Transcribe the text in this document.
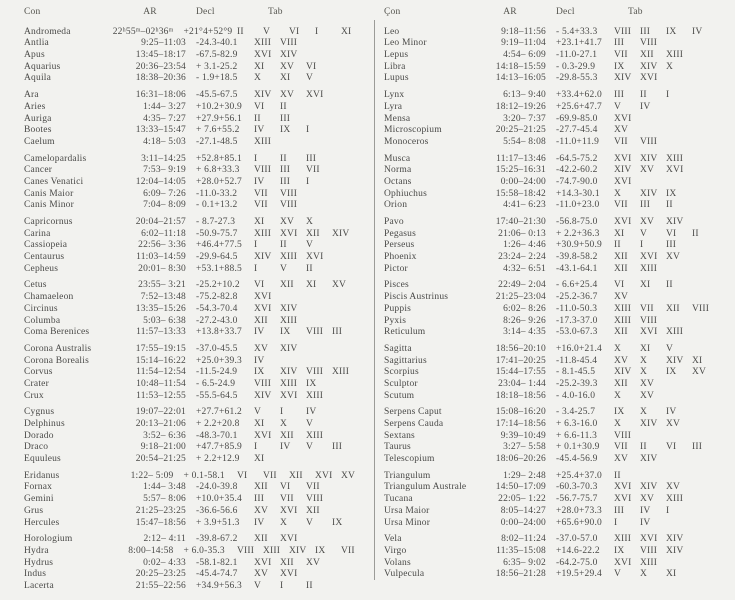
Con	AR	Decl	Tab
Andromeda	22ʰ55ᵐ–02ʰ36ᵐ	+21°4+52°9 II	V	VI	I	XI
Antlia	9:25–11:03	-24.3-40.1	XIII VIII
Apus	13:45–18:17	-67.5-82.9	XVI XIV
Aquarius	20:36–23:54	+ 3.1-25.2	XI	XV	VI
Aquila	18:38–20:36	- 1.9+18.5	X	XI	V
Ara	16:31–18:06	-45.5-67.5	XIV XV	XVI
Aries	1:44– 3:27	+10.2+30.9	VI	II
Auriga	4:35– 7:27	+27.9+56.1	II	III
Bootes	13:33–15:47	+ 7.6+55.2	IV	IX	I
Caelum	4:18– 5:03	-27.1-48.5	XIII
Camelopardalis	3:11–14:25	+52.8+85.1	I	II	III
Cancer	7:53– 9:19	+ 6.8+33.3	VIII III	VII
Canes Venatici	12:04–14:05	+28.0+52.7	IV	III	I
Canis Maior	6:09– 7:26	-11.0-33.2	VII	VIII
Canis Minor	7:04– 8:09	- 0.1+13.2	VII	VIII
Capricornus	20:04–21:57	- 8.7-27.3	XI	XV	X
Carina	6:02–11:18	-50.9-75.7	XIII XVI XII	XIV
Cassiopeia	22:56– 3:36	+46.4+77.5	I	II	V
Centaurus	11:03–14:59	-29.9-64.5	XIV XIII XVI
Cepheus	20:01– 8:30	+53.1+88.5	I	V	II
Cetus	23:55– 3:21	-25.2+10.2	VI	XII	XI	XV
Chamaeleon	7:52–13:48	-75.2-82.8	XVI
Circinus	13:35–15:26	-54.3-70.4	XVI XIV
Columba	5:03– 6:38	-27.2-43.0	XII	XIII
Coma Berenices	11:57–13:33	+13.8+33.7	IV	IX	VIII III
Corona Australis	17:55–19:15	-37.0-45.5	XV	XIV
Corona Borealis	15:14–16:22	+25.0+39.3	IV
Corvus	11:54–12:54	-11.5-24.9	IX	XIV VIII XIII
Crater	10:48–11:54	- 6.5-24.9	VIII XIII IX
Crux	11:53–12:55	-55.5-64.5	XIV XVI XIII
Cygnus	19:07–22:01	+27.7+61.2	V	I	IV
Delphinus	20:13–21:06	+ 2.2+20.8	XI	X	V
Dorado	3:52– 6:36	-48.3-70.1	XVI XII	XIII
Draco	9:18–21:00	+47.7+85.9	I	IV	V	III
Equuleus	20:54–21:25	+ 2.2+12.9	XI
Eridanus	1:22– 5:09	+ 0.1-58.1	VI	VII	XII	XVI XV
Fornax	1:44– 3:48	-24.0-39.8	XII	VI	VII
Gemini	5:57– 8:06	+10.0+35.4	III	VII	VIII
Grus	21:25–23:25	-36.6-56.6	XV	XVI XII
Hercules	15:47–18:56	+ 3.9+51.3	IV	X	V	IX
Horologium	2:12– 4:11	-39.8-67.2	XII	XVI
Hydra	8:00–14:58	+ 6.0-35.3	VIII XIII XIV IX	VII
Hydrus	0:02– 4:33	-58.1-82.1	XVI XII	XV
Indus	20:25–23:25	-45.4-74.7	XV	XVI
Lacerta	21:55–22:56	+34.9+56.3	V	I	II
Çon	AR	Decl	Tab
Leo	9:18–11:56	- 5.4+33.3	VIII III	IX	IV
Leo Minor	9:19–11:04	+23.1+41.7	III	VIII
Lepus	4:54– 6:09	-11.0-27.1	VII	XII	XIII
Libra	14:18–15:59	- 0.3-29.9	IX	XIV X
Lupus	14:13–16:05	-29.8-55.3	XIV XVI
Lynx	6:13– 9:40	+33.4+62.0	III	II	I
Lyra	18:12–19:26	+25.6+47.7	V	IV
Mensa	3:20– 7:37	-69.9-85.0	XVI
Microscopium	20:25–21:25	-27.7-45.4	XV
Monoceros	5:54– 8:08	-11.0+11.9	VII	VIII
Musca	11:17–13:46	-64.5-75.2	XVI XIV XIII
Norma	15:25–16:31	-42.2-60.2	XIV XV	XVI
Octans	0:00–24:00	-74.7-90.0	XVI
Ophiuchus	15:58–18:42	+14.3-30.1	X	XIV IX
Orion	4:41– 6:23	-11.0+23.0	VII	III	II
Pavo	17:40–21:30	-56.8-75.0	XVI XV	XIV
Pegasus	21:06– 0:13	+ 2.2+36.3	XI	V	VI	II
Perseus	1:26– 4:46	+30.9+50.9	II	I	III
Phoenix	23:24– 2:24	-39.8-58.2	XII	XVI XV
Pictor	4:32– 6:51	-43.1-64.1	XII	XIII
Pisces	22:49– 2:04	- 6.6+25.4	VI	XI	II
Piscis Austrinus	21:25–23:04	-25.2-36.7	XV
Puppis	6:02– 8:26	-11.0-50.3	XIII VII	XII	VIII
Pyxis	8:26– 9:26	-17.3-37.0	XIII VIII
Reticulum	3:14– 4:35	-53.0-67.3	XII	XVI XIII
Sagitta	18:56–20:10	+16.0+21.4	X	XI	V
Sagittarius	17:41–20:25	-11.8-45.4	XV	X	XIV XI
Scorpius	15:44–17:55	- 8.1-45.5	XIV X	IX	XV
Sculptor	23:04– 1:44	-25.2-39.3	XII	XV
Scutum	18:18–18:56	- 4.0-16.0	X	XV
Serpens Caput	15:08–16:20	- 3.4-25.7	IX	X	IV
Serpens Cauda	17:14–18:56	+ 6.3-16.0	X	XIV XV
Sextans	9:39–10:49	+ 6.6-11.3	VIII
Taurus	3:27– 5:58	+ 0.1+30.9	VII	II	VI	III
Telescopium	18:06–20:26	-45.4-56.9	XV	XIV
Triangulum	1:29– 2:48	+25.4+37.0	II
Triangulum Australe	14:50–17:09	-60.3-70.3	XVI XIV XV
Tucana	22:05– 1:22	-56.7-75.7	XVI XV	XIII
Ursa Maior	8:05–14:27	+28.0+73.3	III	IV	I
Ursa Minor	0:00–24:00	+65.6+90.0	I	IV
Vela	8:02–11:24	-37.0-57.0	XIII XVI XIV
Virgo	11:35–15:08	+14.6-22.2	IX	VIII XIV
Volans	6:35– 9:02	-64.2-75.0	XVI XIII
Vulpecula	18:56–21:28	+19.5+29.4	V	X	XI
